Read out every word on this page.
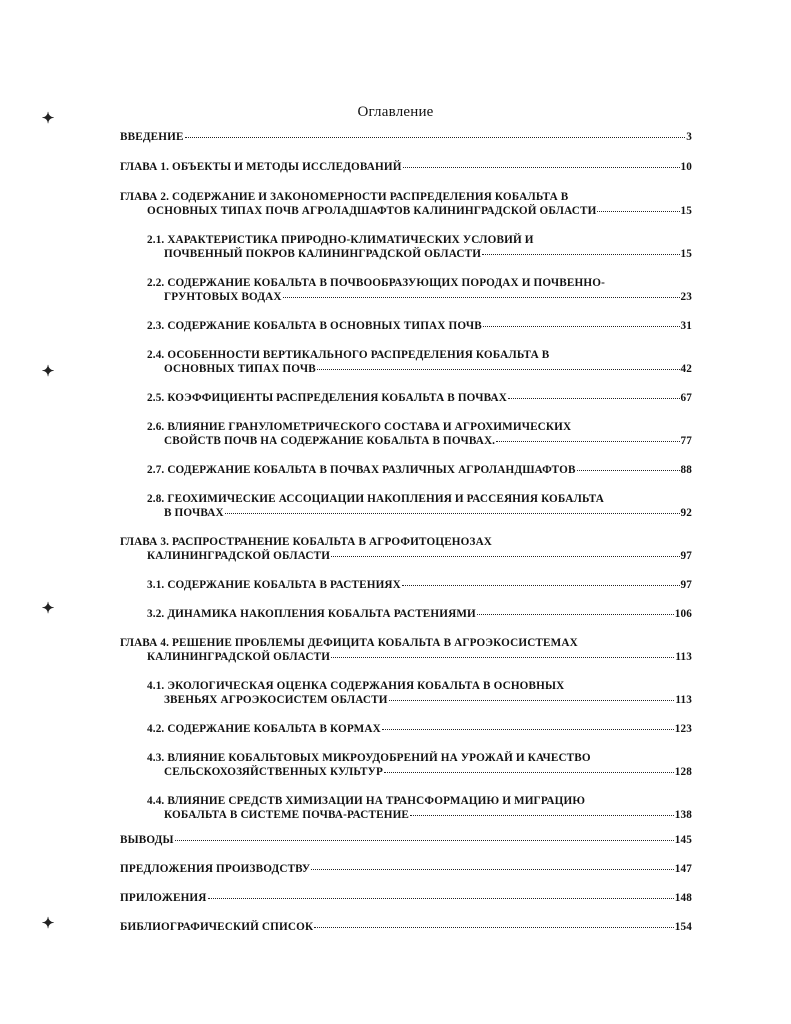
✦
✦
✦
✦
Оглавление
ВВЕДЕНИЕ	3
ГЛАВА 1. ОБЪЕКТЫ И МЕТОДЫ ИССЛЕДОВАНИЙ	10
ГЛАВА 2. СОДЕРЖАНИЕ И ЗАКОНОМЕРНОСТИ РАСПРЕДЕЛЕНИЯ КОБАЛЬТА В
ОСНОВНЫХ ТИПАХ ПОЧВ АГРОЛАДШАФТОВ КАЛИНИНГРАДСКОЙ ОБЛАСТИ	15
2.1. ХАРАКТЕРИСТИКА ПРИРОДНО-КЛИМАТИЧЕСКИХ УСЛОВИЙ И
ПОЧВЕННЫЙ ПОКРОВ КАЛИНИНГРАДСКОЙ ОБЛАСТИ	15
2.2. СОДЕРЖАНИЕ КОБАЛЬТА В ПОЧВООБРАЗУЮЩИХ ПОРОДАХ И ПОЧВЕННО-
ГРУНТОВЫХ ВОДАХ	23
2.3. СОДЕРЖАНИЕ КОБАЛЬТА В ОСНОВНЫХ ТИПАХ ПОЧВ	31
2.4. ОСОБЕННОСТИ ВЕРТИКАЛЬНОГО РАСПРЕДЕЛЕНИЯ КОБАЛЬТА В
ОСНОВНЫХ ТИПАХ ПОЧВ	42
2.5. КОЭФФИЦИЕНТЫ РАСПРЕДЕЛЕНИЯ КОБАЛЬТА В ПОЧВАХ	67
2.6. ВЛИЯНИЕ ГРАНУЛОМЕТРИЧЕСКОГО СОСТАВА И АГРОХИМИЧЕСКИХ
СВОЙСТВ ПОЧВ НА СОДЕРЖАНИЕ КОБАЛЬТА В ПОЧВАХ.	77
2.7. СОДЕРЖАНИЕ КОБАЛЬТА В ПОЧВАХ РАЗЛИЧНЫХ АГРОЛАНДШАФТОВ	88
2.8. ГЕОХИМИЧЕСКИЕ АССОЦИАЦИИ НАКОПЛЕНИЯ И РАССЕЯНИЯ КОБАЛЬТА
В ПОЧВАХ	92
ГЛАВА 3. РАСПРОСТРАНЕНИЕ КОБАЛЬТА В АГРОФИТОЦЕНОЗАХ
КАЛИНИНГРАДСКОЙ ОБЛАСТИ	97
3.1. СОДЕРЖАНИЕ КОБАЛЬТА В РАСТЕНИЯХ	97
3.2. ДИНАМИКА НАКОПЛЕНИЯ КОБАЛЬТА РАСТЕНИЯМИ	106
ГЛАВА 4. РЕШЕНИЕ ПРОБЛЕМЫ ДЕФИЦИТА КОБАЛЬТА В АГРОЭКОСИСТЕМАХ
КАЛИНИНГРАДСКОЙ ОБЛАСТИ	113
4.1. ЭКОЛОГИЧЕСКАЯ ОЦЕНКА СОДЕРЖАНИЯ КОБАЛЬТА В ОСНОВНЫХ
ЗВЕНЬЯХ АГРОЭКОСИСТЕМ ОБЛАСТИ	113
4.2. СОДЕРЖАНИЕ КОБАЛЬТА В КОРМАХ	123
4.3. ВЛИЯНИЕ КОБАЛЬТОВЫХ МИКРОУДОБРЕНИЙ НА УРОЖАЙ И КАЧЕСТВО
СЕЛЬСКОХОЗЯЙСТВЕННЫХ КУЛЬТУР	128
4.4. ВЛИЯНИЕ СРЕДСТВ ХИМИЗАЦИИ НА ТРАНСФОРМАЦИЮ И МИГРАЦИЮ
КОБАЛЬТА В СИСТЕМЕ ПОЧВА-РАСТЕНИЕ	138
ВЫВОДЫ	145
ПРЕДЛОЖЕНИЯ ПРОИЗВОДСТВУ	147
ПРИЛОЖЕНИЯ	148
БИБЛИОГРАФИЧЕСКИЙ СПИСОК	154
